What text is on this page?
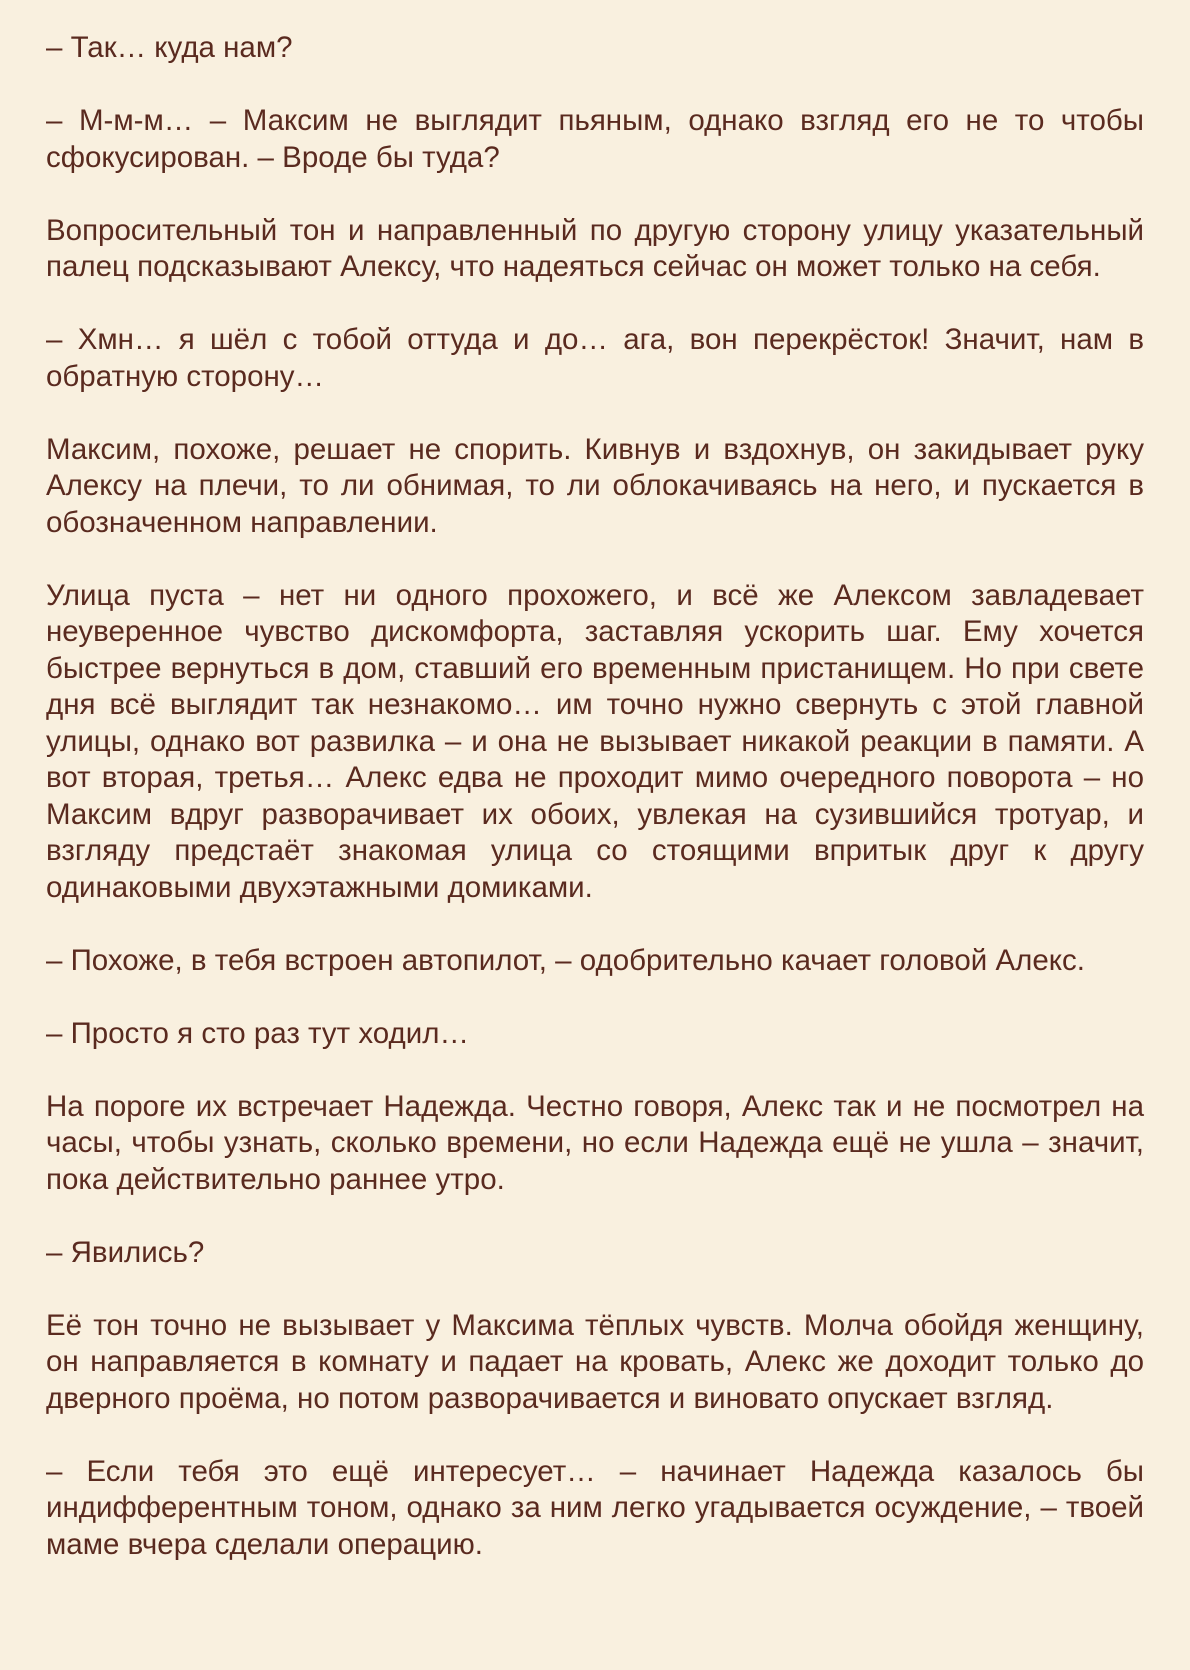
– Так… куда нам?

– М-м-м… – Максим не выглядит пьяным, однако взгляд его не то чтобы сфокусирован. – Вроде бы туда?

Вопросительный тон и направленный по другую сторону улицу указательный палец подсказывают Алексу, что надеяться сейчас он может только на себя.

– Хмн… я шёл с тобой оттуда и до… ага, вон перекрёсток! Значит, нам в обратную сторону…

Максим, похоже, решает не спорить. Кивнув и вздохнув, он закидывает руку Алексу на плечи, то ли обнимая, то ли облокачиваясь на него, и пускается в обозначенном направлении.

Улица пуста – нет ни одного прохожего, и всё же Алексом завладевает неуверенное чувство дискомфорта, заставляя ускорить шаг. Ему хочется быстрее вернуться в дом, ставший его временным пристанищем. Но при свете дня всё выглядит так незнакомо… им точно нужно свернуть с этой главной улицы, однако вот развилка – и она не вызывает никакой реакции в памяти. А вот вторая, третья… Алекс едва не проходит мимо очередного поворота – но Максим вдруг разворачивает их обоих, увлекая на сузившийся тротуар, и взгляду предстаёт знакомая улица со стоящими впритык друг к другу одинаковыми двухэтажными домиками.

– Похоже, в тебя встроен автопилот, – одобрительно качает головой Алекс.

– Просто я сто раз тут ходил…

На пороге их встречает Надежда. Честно говоря, Алекс так и не посмотрел на часы, чтобы узнать, сколько времени, но если Надежда ещё не ушла – значит, пока действительно раннее утро.

– Явились?

Её тон точно не вызывает у Максима тёплых чувств. Молча обойдя женщину, он направляется в комнату и падает на кровать, Алекс же доходит только до дверного проёма, но потом разворачивается и виновато опускает взгляд.

– Если тебя это ещё интересует… – начинает Надежда казалось бы индифферентным тоном, однако за ним легко угадывается осуждение, – твоей маме вчера сделали операцию.
